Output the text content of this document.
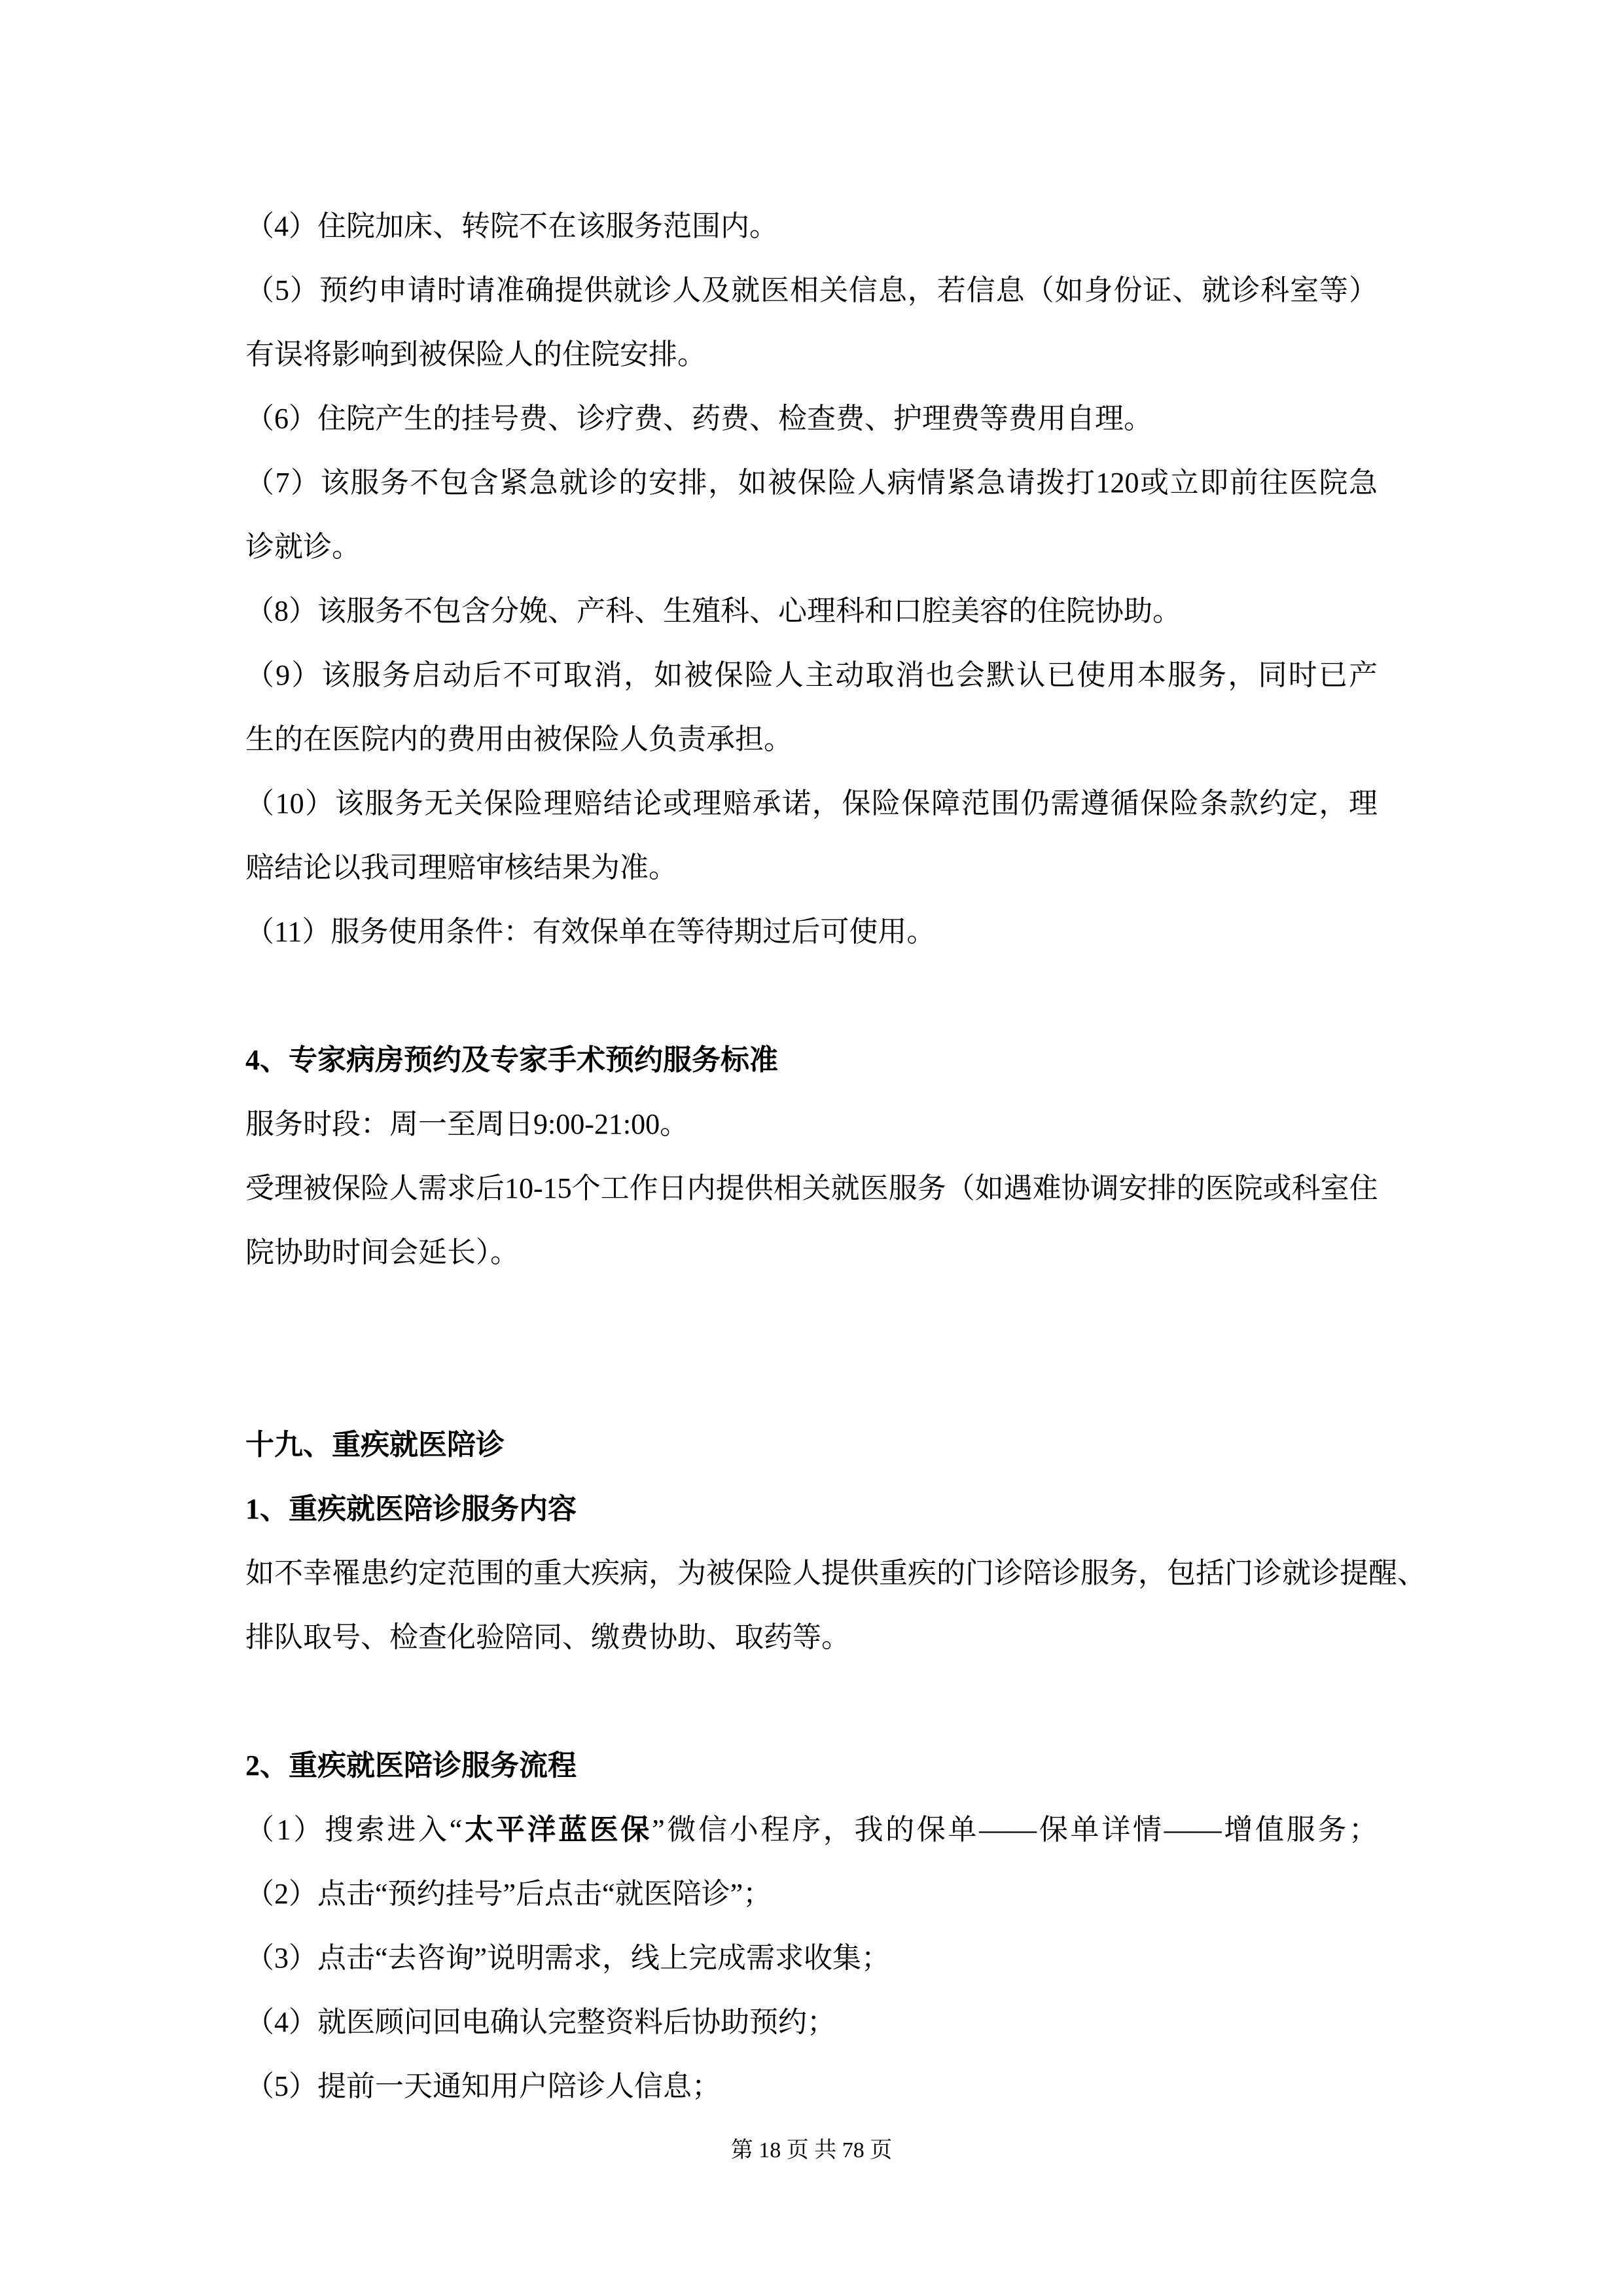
（4）住院加床、转院不在该服务范围内。
（5）预约申请时请准确提供就诊人及就医相关信息，若信息（如身份证、就诊科室等）
有误将影响到被保险人的住院安排。
（6）住院产生的挂号费、诊疗费、药费、检查费、护理费等费用自理。
（7）该服务不包含紧急就诊的安排，如被保险人病情紧急请拨打120或立即前往医院急
诊就诊。
（8）该服务不包含分娩、产科、生殖科、心理科和口腔美容的住院协助。
（9）该服务启动后不可取消，如被保险人主动取消也会默认已使用本服务，同时已产
生的在医院内的费用由被保险人负责承担。
（10）该服务无关保险理赔结论或理赔承诺，保险保障范围仍需遵循保险条款约定，理
赔结论以我司理赔审核结果为准。
（11）服务使用条件：有效保单在等待期过后可使用。
4、专家病房预约及专家手术预约服务标准
服务时段：周一至周日9:00-21:00。
受理被保险人需求后10-15个工作日内提供相关就医服务（如遇难协调安排的医院或科室住
院协助时间会延长）。
十九、重疾就医陪诊
1、重疾就医陪诊服务内容
如不幸罹患约定范围的重大疾病，为被保险人提供重疾的门诊陪诊服务，包括门诊就诊提醒、
排队取号、检查化验陪同、缴费协助、取药等。
2、重疾就医陪诊服务流程
（1）搜索进入“太平洋蓝医保”微信小程序，我的保单——保单详情——增值服务；
（2）点击“预约挂号”后点击“就医陪诊”；
（3）点击“去咨询”说明需求，线上完成需求收集；
（4）就医顾问回电确认完整资料后协助预约；
（5）提前一天通知用户陪诊人信息；
第 18 页 共 78 页
